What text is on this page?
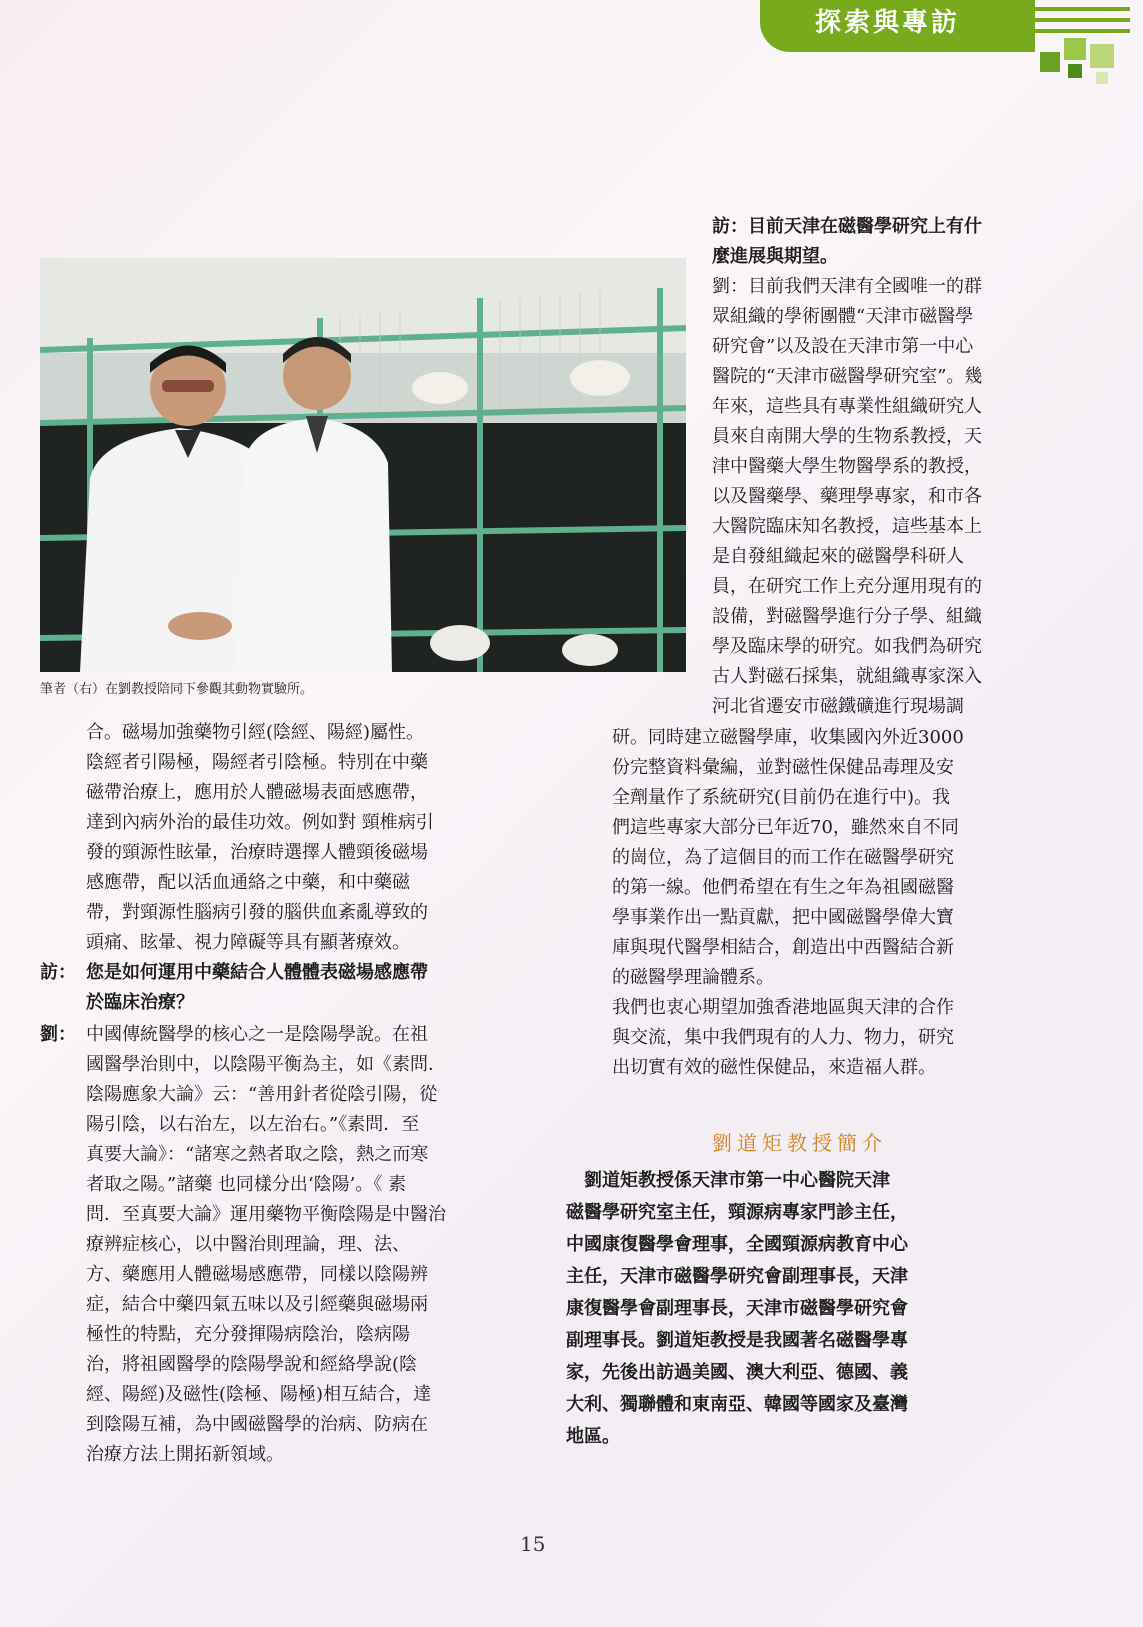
探索與專訪
筆者（右）在劉教授陪同下參觀其動物實驗所。
合。磁場加強藥物引經(陰經、陽經)屬性。
陰經者引陽極，陽經者引陰極。特別在中藥
磁帶治療上，應用於人體磁場表面感應帶，
達到內病外治的最佳功效。例如對 頸椎病引
發的頸源性眩暈，治療時選擇人體頸後磁場
感應帶，配以活血通絡之中藥，和中藥磁
帶，對頸源性腦病引發的腦供血紊亂導致的
頭痛、眩暈、視力障礙等具有顯著療效。
訪： 您是如何運用中藥結合人體體表磁場感應帶
於臨床治療？
劉： 中國傳統醫學的核心之一是陰陽學說。在祖
國醫學治則中，以陰陽平衡為主，如《素問．
陰陽應象大論》云：“善用針者從陰引陽，從
陽引陰，以右治左，以左治右。”《素問．至
真要大論》：“諸寒之熱者取之陰，熱之而寒
者取之陽。”諸藥 也同樣分出‘陰陽’。《 素
問．至真要大論》運用藥物平衡陰陽是中醫治
療辨症核心，以中醫治則理論，理、法、
方、藥應用人體磁場感應帶，同樣以陰陽辨
症，結合中藥四氣五味以及引經藥與磁場兩
極性的特點，充分發揮陽病陰治，陰病陽
治，將祖國醫學的陰陽學說和經絡學說(陰
經、陽經)及磁性(陰極、陽極)相互結合，達
到陰陽互補，為中國磁醫學的治病、防病在
治療方法上開拓新領域。
訪：目前天津在磁醫學研究上有什
麼進展與期望。
劉：目前我們天津有全國唯一的群
眾組織的學術團體“天津市磁醫學
研究會”以及設在天津市第一中心
醫院的“天津市磁醫學研究室”。幾
年來，這些具有專業性組織研究人
員來自南開大學的生物系教授，天
津中醫藥大學生物醫學系的教授，
以及醫藥學、藥理學專家，和市各
大醫院臨床知名教授，這些基本上
是自發組織起來的磁醫學科研人
員，在研究工作上充分運用現有的
設備，對磁醫學進行分子學、組織
學及臨床學的研究。如我們為研究
古人對磁石採集，就組織專家深入
河北省遷安市磁鐵礦進行現場調
研。同時建立磁醫學庫，收集國內外近3000
份完整資料彙編，並對磁性保健品毒理及安
全劑量作了系統研究(目前仍在進行中)。我
們這些專家大部分已年近70，雖然來自不同
的崗位，為了這個目的而工作在磁醫學研究
的第一線。他們希望在有生之年為祖國磁醫
學事業作出一點貢獻，把中國磁醫學偉大寶
庫與現代醫學相結合，創造出中西醫結合新
的磁醫學理論體系。
我們也衷心期望加強香港地區與天津的合作
與交流，集中我們現有的人力、物力，研究
出切實有效的磁性保健品，來造福人群。
劉道矩教授簡介
　劉道矩教授係天津市第一中心醫院天津
磁醫學研究室主任，頸源病專家門診主任，
中國康復醫學會理事，全國頸源病教育中心
主任，天津市磁醫學研究會副理事長，天津
康復醫學會副理事長，天津市磁醫學研究會
副理事長。劉道矩教授是我國著名磁醫學專
家，先後出訪過美國、澳大利亞、德國、義
大利、獨聯體和東南亞、韓國等國家及臺灣
地區。
15
